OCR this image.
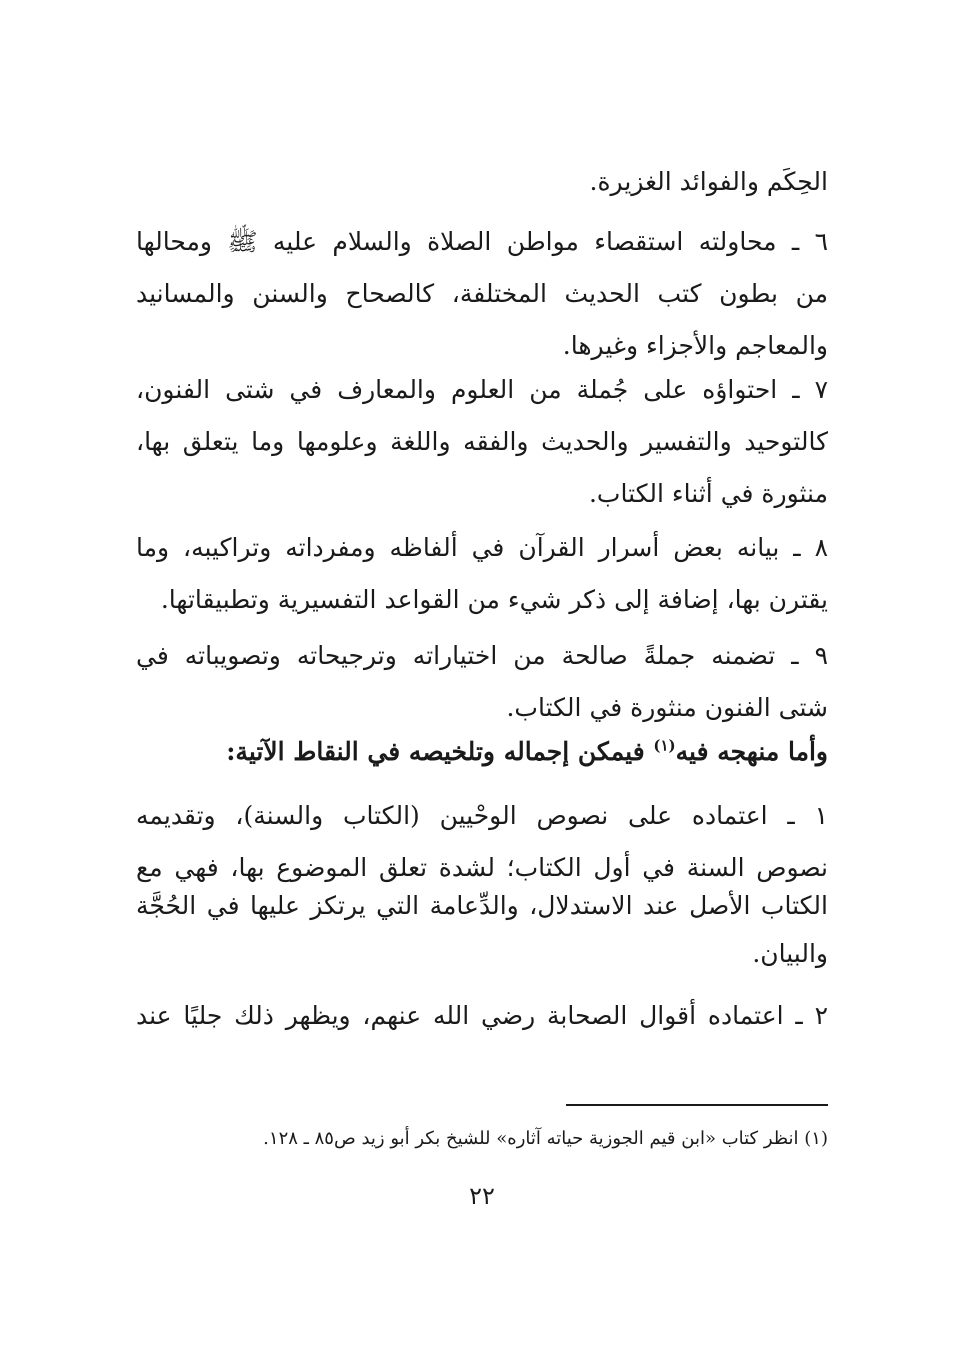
الحِكَم والفوائد الغزيرة.
٦ ـ محاولته استقصاء مواطن الصلاة والسلام عليه ﷺ ومحالها
من بطون كتب الحديث المختلفة، كالصحاح والسنن والمسانيد
والمعاجم والأجزاء وغيرها.
٧ ـ احتواؤه على جُملة من العلوم والمعارف في شتى الفنون،
كالتوحيد والتفسير والحديث والفقه واللغة وعلومها وما يتعلق بها،
منثورة في أثناء الكتاب.
٨ ـ بيانه بعض أسرار القرآن في ألفاظه ومفرداته وتراكيبه، وما
يقترن بها، إضافة إلى ذكر شيء من القواعد التفسيرية وتطبيقاتها.
٩ ـ تضمنه جملةً صالحة من اختياراته وترجيحاته وتصويباته في
شتى الفنون منثورة في الكتاب.
وأما منهجه فيه$^{(١)}$ فيمكن إجماله وتلخيصه في النقاط الآتية:
١ ـ اعتماده على نصوص الوحْيين (الكتاب والسنة)، وتقديمه
نصوص السنة في أول الكتاب؛ لشدة تعلق الموضوع بها، فهي مع
الكتاب الأصل عند الاستدلال، والدِّعامة التي يرتكز عليها في الحُجَّة
والبيان.
٢ ـ اعتماده أقوال الصحابة رضي الله عنهم، ويظهر ذلك جليًا عند
(١) انظر كتاب «ابن قيم الجوزية حياته آثاره» للشيخ بكر أبو زيد ص٨٥ ـ ١٢٨.
٢٢
